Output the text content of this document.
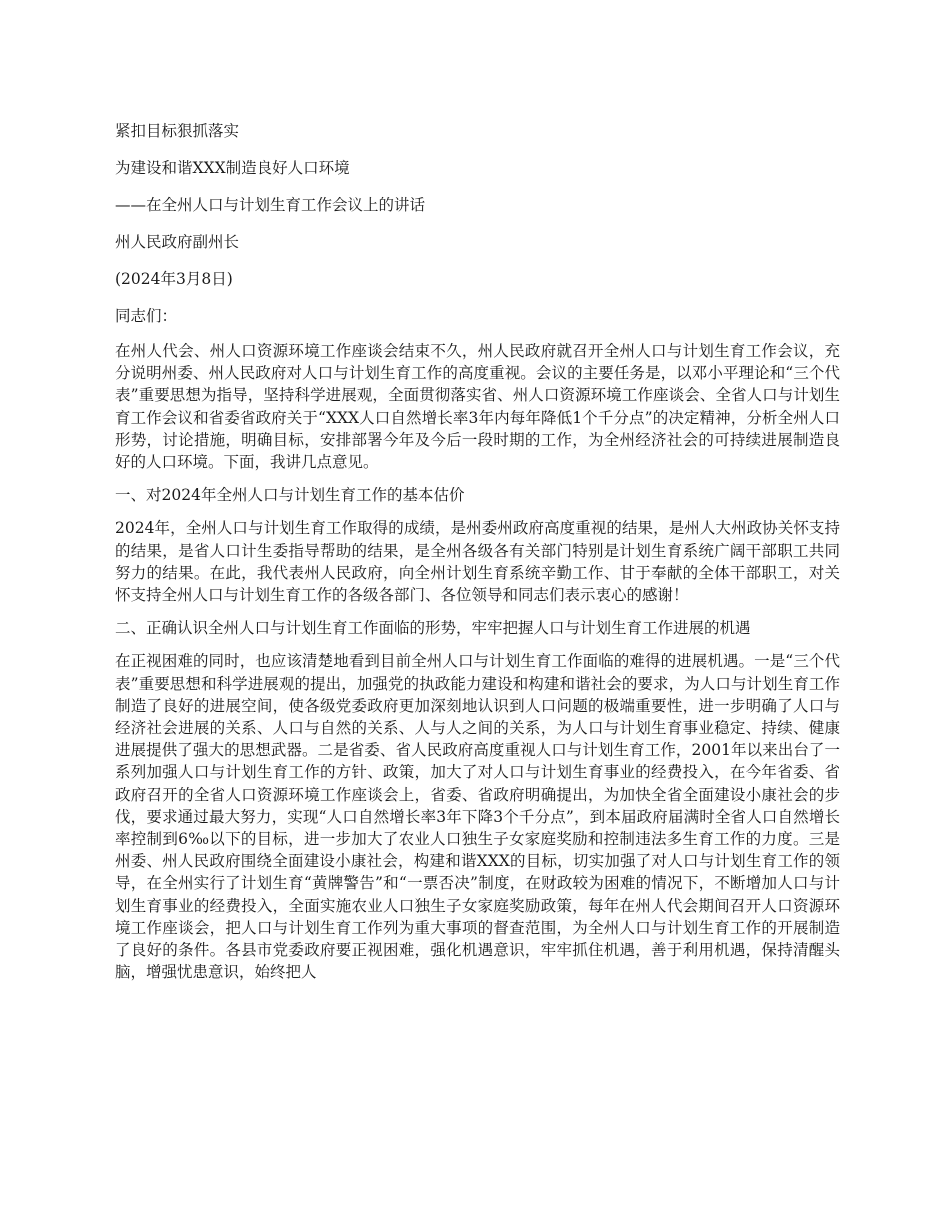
紧扣目标狠抓落实
为建设和谐XXX制造良好人口环境
——在全州人口与计划生育工作会议上的讲话
州人民政府副州长
(2024年3月8日)
同志们：

在州人代会、州人口资源环境工作座谈会结束不久，州人民政府就召开全州人口与计划生育工作会议，充分说明州委、州人民政府对人口与计划生育工作的高度重视。会议的主要任务是，以邓小平理论和“三个代表”重要思想为指导，坚持科学进展观，全面贯彻落实省、州人口资源环境工作座谈会、全省人口与计划生育工作会议和省委省政府关于“XXX人口自然增长率3年内每年降低1个千分点”的决定精神，分析全州人口形势，讨论措施，明确目标，安排部署今年及今后一段时期的工作，为全州经济社会的可持续进展制造良好的人口环境。下面，我讲几点意见。

一、对2024年全州人口与计划生育工作的基本估价

2024年，全州人口与计划生育工作取得的成绩，是州委州政府高度重视的结果，是州人大州政协关怀支持的结果，是省人口计生委指导帮助的结果，是全州各级各有关部门特别是计划生育系统广阔干部职工共同努力的结果。在此，我代表州人民政府，向全州计划生育系统辛勤工作、甘于奉献的全体干部职工，对关怀支持全州人口与计划生育工作的各级各部门、各位领导和同志们表示衷心的感谢！

二、正确认识全州人口与计划生育工作面临的形势，牢牢把握人口与计划生育工作进展的机遇

在正视困难的同时，也应该清楚地看到目前全州人口与计划生育工作面临的难得的进展机遇。一是“三个代表”重要思想和科学进展观的提出，加强党的执政能力建设和构建和谐社会的要求，为人口与计划生育工作制造了良好的进展空间，使各级党委政府更加深刻地认识到人口问题的极端重要性，进一步明确了人口与经济社会进展的关系、人口与自然的关系、人与人之间的关系，为人口与计划生育事业稳定、持续、健康进展提供了强大的思想武器。二是省委、省人民政府高度重视人口与计划生育工作，2001年以来出台了一系列加强人口与计划生育工作的方针、政策，加大了对人口与计划生育事业的经费投入，在今年省委、省政府召开的全省人口资源环境工作座谈会上，省委、省政府明确提出，为加快全省全面建设小康社会的步伐，要求通过最大努力，实现“人口自然增长率3年下降3个千分点”，到本届政府届满时全省人口自然增长率控制到6‰以下的目标，进一步加大了农业人口独生子女家庭奖励和控制违法多生育工作的力度。三是州委、州人民政府围绕全面建设小康社会，构建和谐XXX的目标，切实加强了对人口与计划生育工作的领导，在全州实行了计划生育“黄牌警告”和“一票否决”制度，在财政较为困难的情况下，不断增加人口与计划生育事业的经费投入，全面实施农业人口独生子女家庭奖励政策，每年在州人代会期间召开人口资源环境工作座谈会，把人口与计划生育工作列为重大事项的督查范围，为全州人口与计划生育工作的开展制造了良好的条件。各县市党委政府要正视困难，强化机遇意识，牢牢抓住机遇，善于利用机遇，保持清醒头脑，增强忧患意识，始终把人
